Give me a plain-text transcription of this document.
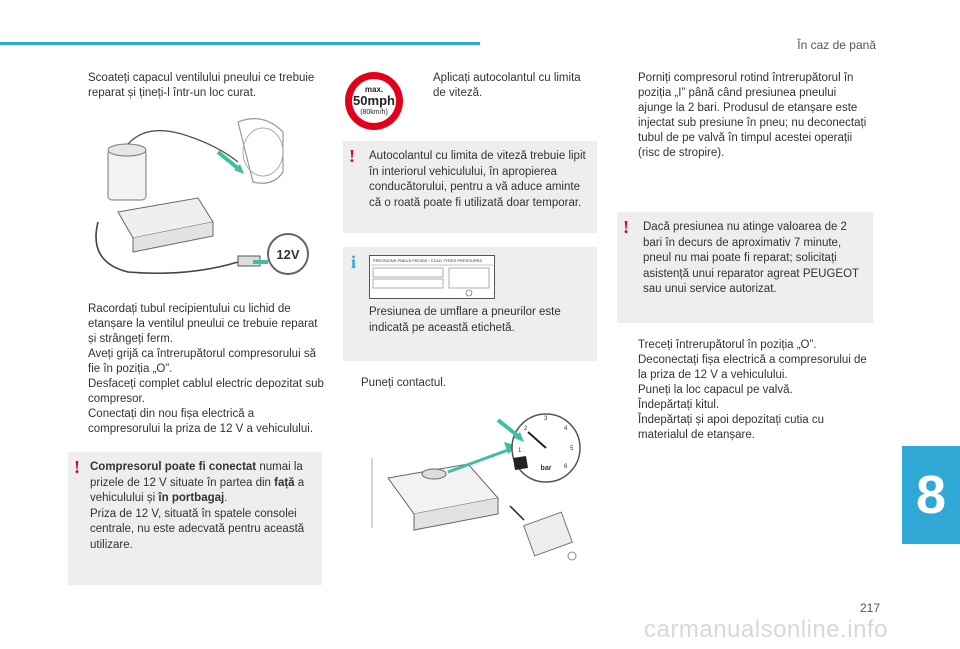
În caz de pană
Scoateți capacul ventilului pneului ce trebuie reparat și țineți-l într-un loc curat.
12V
Racordați tubul recipientului cu lichid de etanșare la ventilul pneului ce trebuie reparat și strângeți ferm.
Aveți grijă ca întrerupătorul compresorului să fie în poziția „O”.
Desfaceți complet cablul electric depozitat sub compresor.
Conectați din nou fișa electrică a compresorului la priza de 12 V a vehiculului.
! Compresorul poate fi conectat numai la prizele de 12 V situate în partea din față a vehiculului și în portbagaj.
Priza de 12 V, situată în spatele consolei centrale, nu este adecvată pentru această utilizare.
max.
50mph
(80km/h)
Aplicați autocolantul cu limita de viteză.
! Autocolantul cu limita de viteză trebuie lipit în interiorul vehiculului, în apropierea conducătorului, pentru a vă aduce aminte că o roată poate fi utilizată doar temporar.
i	PRESSIONS PNEUS FROIDS / COLD TYRES PRESSURES
Presiunea de umflare a pneurilor este indicată pe această etichetă.
Puneți contactul.
1
2
3
4
5
6
bar
Porniți compresorul rotind întrerupătorul în poziția „I” până când presiunea pneului ajunge la 2 bari. Produsul de etanșare este injectat sub presiune în pneu; nu deconectați tubul de pe valvă în timpul acestei operații (risc de stropire).
! Dacă presiunea nu atinge valoarea de 2 bari în decurs de aproximativ 7 minute, pneul nu mai poate fi reparat; solicitați asistență unui reparator agreat PEUGEOT sau unui service autorizat.
Treceți întrerupătorul în poziția „O”.
Deconectați fișa electrică a compresorului de la priza de 12 V a vehiculului.
Puneți la loc capacul pe valvă.
Îndepărtați kitul.
Îndepărtați și apoi depozitați cutia cu materialul de etanșare.
8
217
carmanualsonline.info
